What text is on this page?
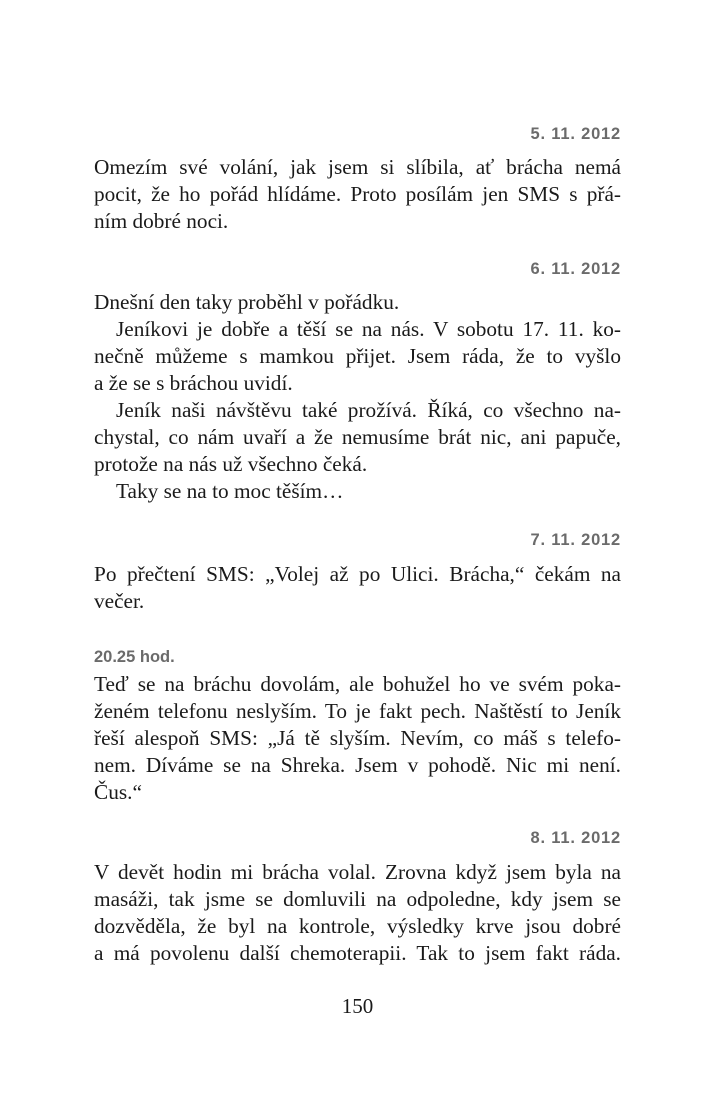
5. 11. 2012
Omezím své volání, jak jsem si slíbila, ať brácha nemá
pocit, že ho pořád hlídáme. Proto posílám jen SMS s přá-
ním dobré noci.
6. 11. 2012
Dnešní den taky proběhl v pořádku.
Jeníkovi je dobře a těší se na nás. V sobotu 17. 11. ko-
nečně můžeme s mamkou přijet. Jsem ráda, že to vyšlo
a že se s bráchou uvidí.
Jeník naši návštěvu také prožívá. Říká, co všechno na-
chystal, co nám uvaří a že nemusíme brát nic, ani papuče,
protože na nás už všechno čeká.
Taky se na to moc těším…
7. 11. 2012
Po přečtení SMS: „Volej až po Ulici. Brácha,“ čekám na
večer.
20.25 hod.
Teď se na bráchu dovolám, ale bohužel ho ve svém poka-
ženém telefonu neslyším. To je fakt pech. Naštěstí to Jeník
řeší alespoň SMS: „Já tě slyším. Nevím, co máš s telefo-
nem. Díváme se na Shreka. Jsem v pohodě. Nic mi není.
Čus.“
8. 11. 2012
V devět hodin mi brácha volal. Zrovna když jsem byla na
masáži, tak jsme se domluvili na odpoledne, kdy jsem se
dozvěděla, že byl na kontrole, výsledky krve jsou dobré
a má povolenu další chemoterapii. Tak to jsem fakt ráda.
150
